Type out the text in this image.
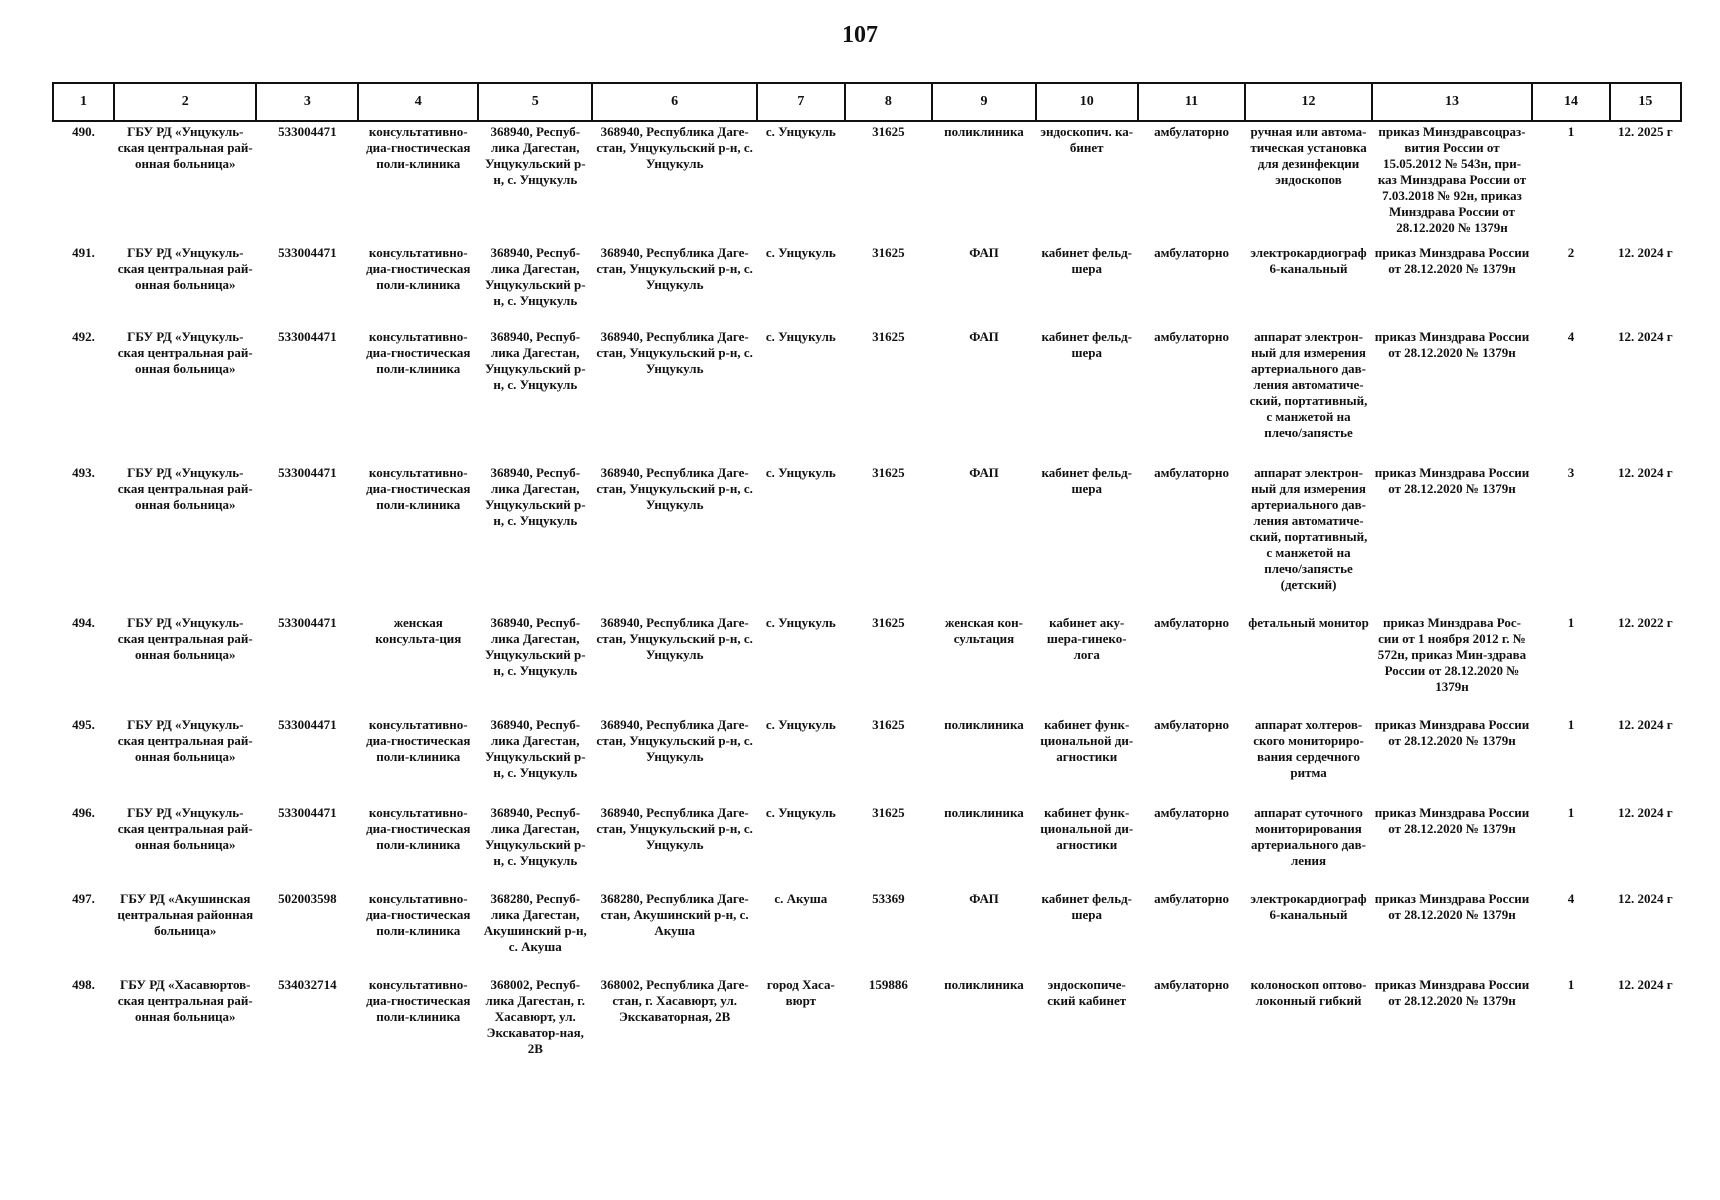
107
1	2	3	4	5	6	7	8	9	10	11	12	13	14	15
490.	ГБУ РД «Унцукуль-ская центральная рай-онная больница»	533004471	консультативно-диа-гностическая поли-клиника	368940, Респуб-лика Дагестан, Унцукульский р-н, с. Унцукуль	368940, Республика Даге-стан, Унцукульский р-н, с. Унцукуль	с. Унцукуль	31625	поликлиника	эндоскопич. ка-бинет	амбулаторно	ручная или автома-тическая установка для дезинфекции эндоскопов	приказ Минздравсоцраз-вития России от 15.05.2012 № 543н, при-каз Минздрава России от 7.03.2018 № 92н, приказ Минздрава России от 28.12.2020 № 1379н	1	12. 2025 г
491.	ГБУ РД «Унцукуль-ская центральная рай-онная больница»	533004471	консультативно-диа-гностическая поли-клиника	368940, Респуб-лика Дагестан, Унцукульский р-н, с. Унцукуль	368940, Республика Даге-стан, Унцукульский р-н, с. Унцукуль	с. Унцукуль	31625	ФАП	кабинет фельд-шера	амбулаторно	электрокардиограф 6-канальный	приказ Минздрава России от 28.12.2020 № 1379н	2	12. 2024 г
492.	ГБУ РД «Унцукуль-ская центральная рай-онная больница»	533004471	консультативно-диа-гностическая поли-клиника	368940, Респуб-лика Дагестан, Унцукульский р-н, с. Унцукуль	368940, Республика Даге-стан, Унцукульский р-н, с. Унцукуль	с. Унцукуль	31625	ФАП	кабинет фельд-шера	амбулаторно	аппарат электрон-ный для измерения артериального дав-ления автоматиче-ский, портативный, с манжетой на плечо/запястье	приказ Минздрава России от 28.12.2020 № 1379н	4	12. 2024 г
493.	ГБУ РД «Унцукуль-ская центральная рай-онная больница»	533004471	консультативно-диа-гностическая поли-клиника	368940, Респуб-лика Дагестан, Унцукульский р-н, с. Унцукуль	368940, Республика Даге-стан, Унцукульский р-н, с. Унцукуль	с. Унцукуль	31625	ФАП	кабинет фельд-шера	амбулаторно	аппарат электрон-ный для измерения артериального дав-ления автоматиче-ский, портативный, с манжетой на плечо/запястье (детский)	приказ Минздрава России от 28.12.2020 № 1379н	3	12. 2024 г
494.	ГБУ РД «Унцукуль-ская центральная рай-онная больница»	533004471	женская консульта-ция	368940, Респуб-лика Дагестан, Унцукульский р-н, с. Унцукуль	368940, Республика Даге-стан, Унцукульский р-н, с. Унцукуль	с. Унцукуль	31625	женская кон-сультация	кабинет аку-шера-гинеко-лога	амбулаторно	фетальный монитор	приказ Минздрава Рос-сии от 1 ноября 2012 г. № 572н, приказ Мин-здрава России от 28.12.2020 № 1379н	1	12. 2022 г
495.	ГБУ РД «Унцукуль-ская центральная рай-онная больница»	533004471	консультативно-диа-гностическая поли-клиника	368940, Респуб-лика Дагестан, Унцукульский р-н, с. Унцукуль	368940, Республика Даге-стан, Унцукульский р-н, с. Унцукуль	с. Унцукуль	31625	поликлиника	кабинет функ-циональной ди-агностики	амбулаторно	аппарат холтеров-ского мониториро-вания сердечного ритма	приказ Минздрава России от 28.12.2020 № 1379н	1	12. 2024 г
496.	ГБУ РД «Унцукуль-ская центральная рай-онная больница»	533004471	консультативно-диа-гностическая поли-клиника	368940, Респуб-лика Дагестан, Унцукульский р-н, с. Унцукуль	368940, Республика Даге-стан, Унцукульский р-н, с. Унцукуль	с. Унцукуль	31625	поликлиника	кабинет функ-циональной ди-агностики	амбулаторно	аппарат суточного мониторирования артериального дав-ления	приказ Минздрава России от 28.12.2020 № 1379н	1	12. 2024 г
497.	ГБУ РД «Акушинская центральная районная больница»	502003598	консультативно-диа-гностическая поли-клиника	368280, Респуб-лика Дагестан, Акушинский р-н, с. Акуша	368280, Республика Даге-стан, Акушинский р-н, с. Акуша	с. Акуша	53369	ФАП	кабинет фельд-шера	амбулаторно	электрокардиограф 6-канальный	приказ Минздрава России от 28.12.2020 № 1379н	4	12. 2024 г
498.	ГБУ РД «Хасавюртов-ская центральная рай-онная больница»	534032714	консультативно-диа-гностическая поли-клиника	368002, Респуб-лика Дагестан, г. Хасавюрт, ул. Экскаватор-ная, 2В	368002, Республика Даге-стан, г. Хасавюрт, ул. Экскаваторная, 2В	город Хаса-вюрт	159886	поликлиника	эндоскопиче-ский кабинет	амбулаторно	колоноскоп оптово-локонный гибкий	приказ Минздрава России от 28.12.2020 № 1379н	1	12. 2024 г
